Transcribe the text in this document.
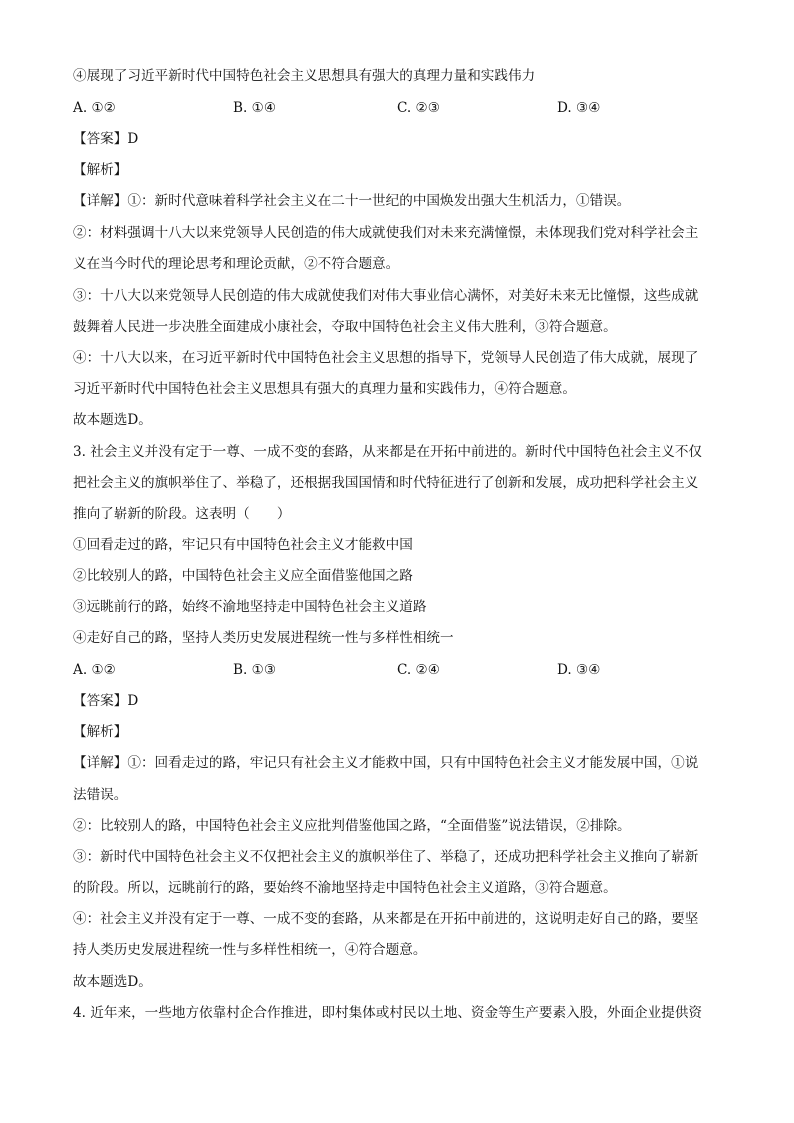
④展现了习近平新时代中国特色社会主义思想具有强大的真理力量和实践伟力
A. ①②	B. ①④	C. ②③	D. ③④
【答案】D
【解析】
【详解】①：新时代意味着科学社会主义在二十一世纪的中国焕发出强大生机活力，①错误。
②：材料强调十八大以来党领导人民创造的伟大成就使我们对未来充满憧憬，未体现我们党对科学社会主
义在当今时代的理论思考和理论贡献，②不符合题意。
③：十八大以来党领导人民创造的伟大成就使我们对伟大事业信心满怀，对美好未来无比憧憬，这些成就
鼓舞着人民进一步决胜全面建成小康社会，夺取中国特色社会主义伟大胜利，③符合题意。
④：十八大以来，在习近平新时代中国特色社会主义思想的指导下，党领导人民创造了伟大成就，展现了
习近平新时代中国特色社会主义思想具有强大的真理力量和实践伟力，④符合题意。
故本题选D。
3. 社会主义并没有定于一尊、一成不变的套路，从来都是在开拓中前进的。新时代中国特色社会主义不仅
把社会主义的旗帜举住了、举稳了，还根据我国国情和时代特征进行了创新和发展，成功把科学社会主义
推向了崭新的阶段。这表明（　　）
①回看走过的路，牢记只有中国特色社会主义才能救中国
②比较别人的路，中国特色社会主义应全面借鉴他国之路
③远眺前行的路，始终不渝地坚持走中国特色社会主义道路
④走好自己的路，坚持人类历史发展进程统一性与多样性相统一
A. ①②	B. ①③	C. ②④	D. ③④
【答案】D
【解析】
【详解】①：回看走过的路，牢记只有社会主义才能救中国，只有中国特色社会主义才能发展中国，①说
法错误。
②：比较别人的路，中国特色社会主义应批判借鉴他国之路，“全面借鉴”说法错误，②排除。
③：新时代中国特色社会主义不仅把社会主义的旗帜举住了、举稳了，还成功把科学社会主义推向了崭新
的阶段。所以，远眺前行的路，要始终不渝地坚持走中国特色社会主义道路，③符合题意。
④：社会主义并没有定于一尊、一成不变的套路，从来都是在开拓中前进的，这说明走好自己的路，要坚
持人类历史发展进程统一性与多样性相统一，④符合题意。
故本题选D。
4. 近年来，一些地方依靠村企合作推进，即村集体或村民以土地、资金等生产要素入股，外面企业提供资
